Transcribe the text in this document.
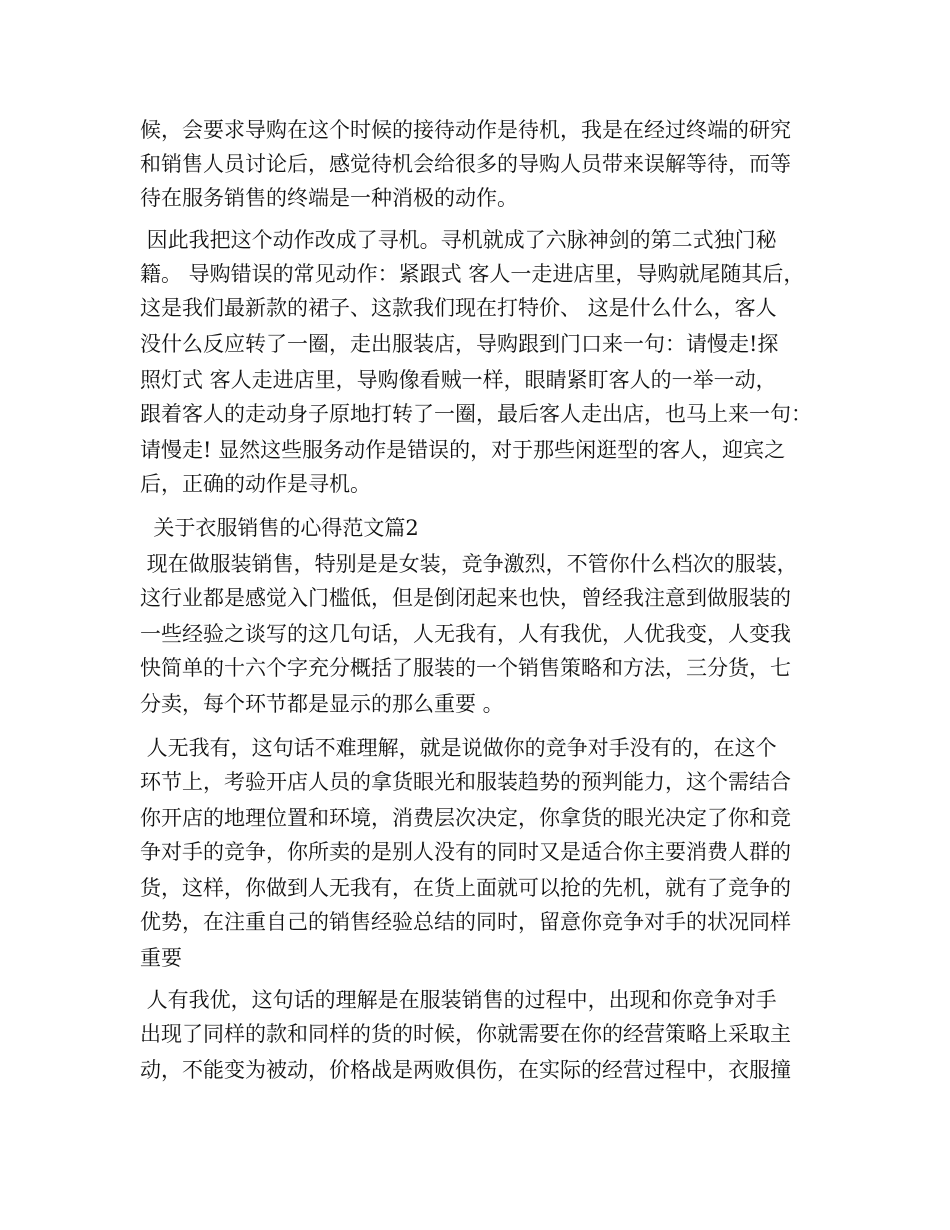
候，会要求导购在这个时候的接待动作是待机，我是在经过终端的研究
和销售人员讨论后，感觉待机会给很多的导购人员带来误解等待，而等
待在服务销售的终端是一种消极的动作。
因此我把这个动作改成了寻机。寻机就成了六脉神剑的第二式独门秘
籍。 导购错误的常见动作：紧跟式 客人一走进店里，导购就尾随其后，
这是我们最新款的裙子、这款我们现在打特价、 这是什么什么，客人
没什么反应转了一圈，走出服装店，导购跟到门口来一句：请慢走!探
照灯式 客人走进店里，导购像看贼一样，眼睛紧盯客人的一举一动，
跟着客人的走动身子原地打转了一圈，最后客人走出店，也马上来一句：
请慢走! 显然这些服务动作是错误的，对于那些闲逛型的客人，迎宾之
后，正确的动作是寻机。
关于衣服销售的心得范文篇2
现在做服装销售，特别是是女装，竞争激烈，不管你什么档次的服装，
这行业都是感觉入门槛低，但是倒闭起来也快，曾经我注意到做服装的
一些经验之谈写的这几句话，人无我有，人有我优，人优我变，人变我
快简单的十六个字充分概括了服装的一个销售策略和方法，三分货，七
分卖，每个环节都是显示的那么重要 。
人无我有，这句话不难理解，就是说做你的竞争对手没有的，在这个
环节上，考验开店人员的拿货眼光和服装趋势的预判能力，这个需结合
你开店的地理位置和环境，消费层次决定，你拿货的眼光决定了你和竞
争对手的竞争，你所卖的是别人没有的同时又是适合你主要消费人群的
货，这样，你做到人无我有，在货上面就可以抢的先机，就有了竞争的
优势，在注重自己的销售经验总结的同时，留意你竞争对手的状况同样
重要
人有我优，这句话的理解是在服装销售的过程中，出现和你竞争对手
出现了同样的款和同样的货的时候，你就需要在你的经营策略上采取主
动，不能变为被动，价格战是两败俱伤，在实际的经营过程中，衣服撞
